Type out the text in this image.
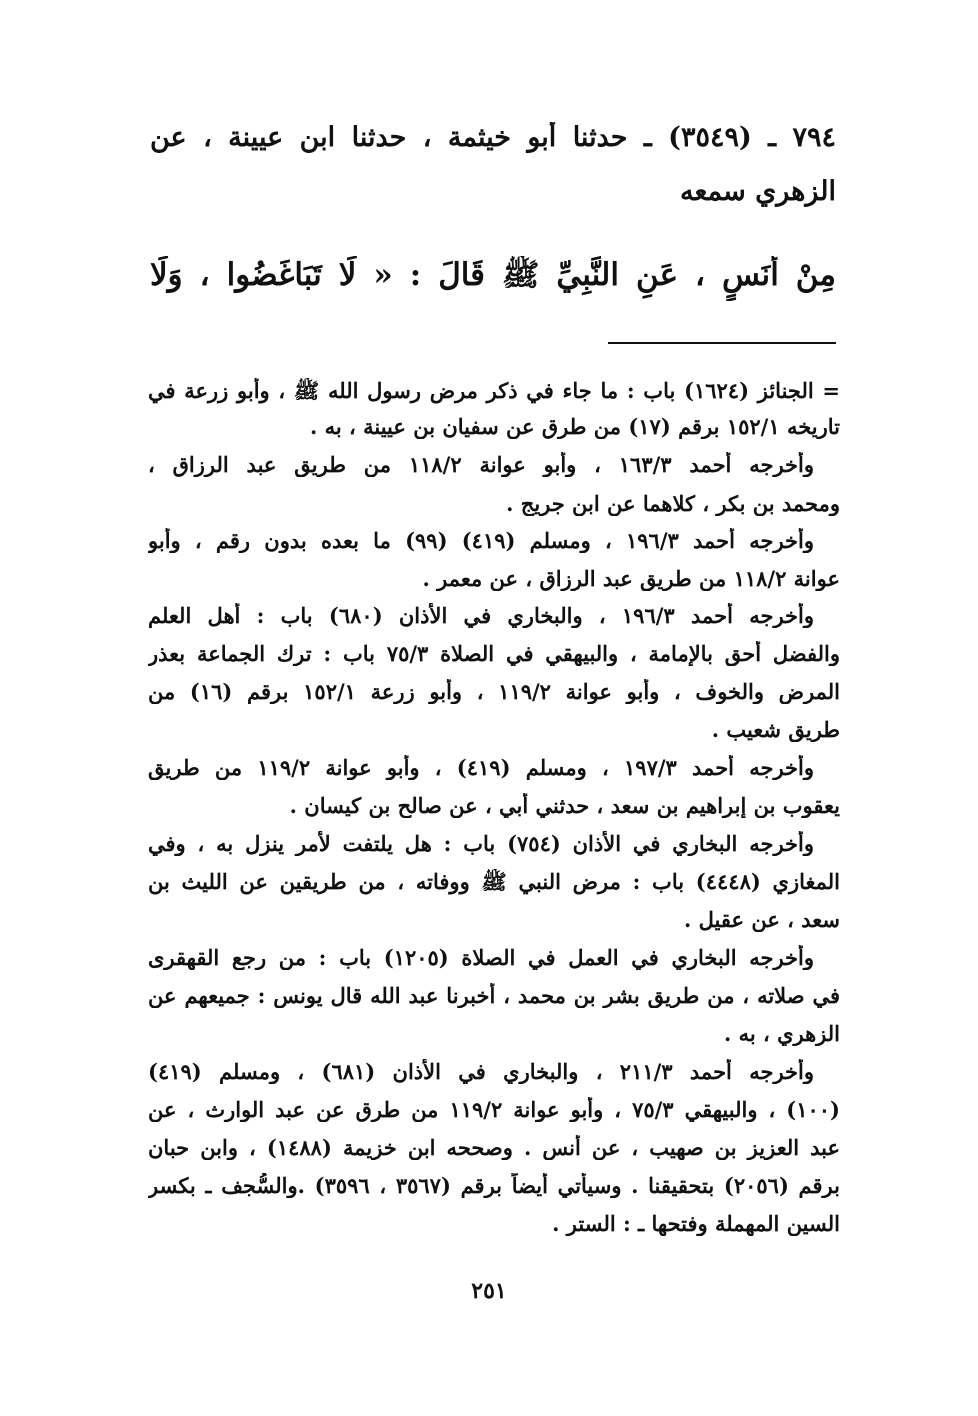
٧٩٤ ـ (٣٥٤٩) ـ حدثنا أبو خيثمة ، حدثنا ابن عيينة ، عن
الزهري سمعه
مِنْ أَنَسٍ ، عَنِ النَّبِيِّ ﷺ قَالَ : « لَا تَبَاغَضُوا ، وَلَا
= الجنائز (١٦٢٤) باب : ما جاء في ذكر مرض رسول الله ﷺ ، وأبو زرعة في
تاريخه ١٥٢/١ برقم (١٧) من طرق عن سفيان بن عيينة ، به .
وأخرجه أحمد ١٦٣/٣ ، وأبو عوانة ١١٨/٢ من طريق عبد الرزاق ،
ومحمد بن بكر ، كلاهما عن ابن جريج .
وأخرجه أحمد ١٩٦/٣ ، ومسلم (٤١٩) (٩٩) ما بعده بدون رقم ، وأبو
عوانة ١١٨/٢ من طريق عبد الرزاق ، عن معمر .
وأخرجه أحمد ١٩٦/٣ ، والبخاري في الأذان (٦٨٠) باب : أهل العلم
والفضل أحق بالإمامة ، والبيهقي في الصلاة ٧٥/٣ باب : ترك الجماعة بعذر
المرض والخوف ، وأبو عوانة ١١٩/٢ ، وأبو زرعة ١٥٢/١ برقم (١٦) من
طريق شعيب .
وأخرجه أحمد ١٩٧/٣ ، ومسلم (٤١٩) ، وأبو عوانة ١١٩/٢ من طريق
يعقوب بن إبراهيم بن سعد ، حدثني أبي ، عن صالح بن كيسان .
وأخرجه البخاري في الأذان (٧٥٤) باب : هل يلتفت لأمر ينزل به ، وفي
المغازي (٤٤٤٨) باب : مرض النبي ﷺ ووفاته ، من طريقين عن الليث بن
سعد ، عن عقيل .
وأخرجه البخاري في العمل في الصلاة (١٢٠٥) باب : من رجع القهقرى
في صلاته ، من طريق بشر بن محمد ، أخبرنا عبد الله قال يونس : جميعهم عن
الزهري ، به .
وأخرجه أحمد ٢١١/٣ ، والبخاري في الأذان (٦٨١) ، ومسلم (٤١٩)
(١٠٠) ، والبيهقي ٧٥/٣ ، وأبو عوانة ١١٩/٢ من طرق عن عبد الوارث ، عن
عبد العزيز بن صهيب ، عن أنس . وصححه ابن خزيمة (١٤٨٨) ، وابن حبان
برقم (٢٠٥٦) بتحقيقنا . وسيأتي أيضاً برقم (٣٥٦٧ ، ٣٥٩٦) .والسُّجف ـ بكسر
السين المهملة وفتحها ـ : الستر .
٢٥١
